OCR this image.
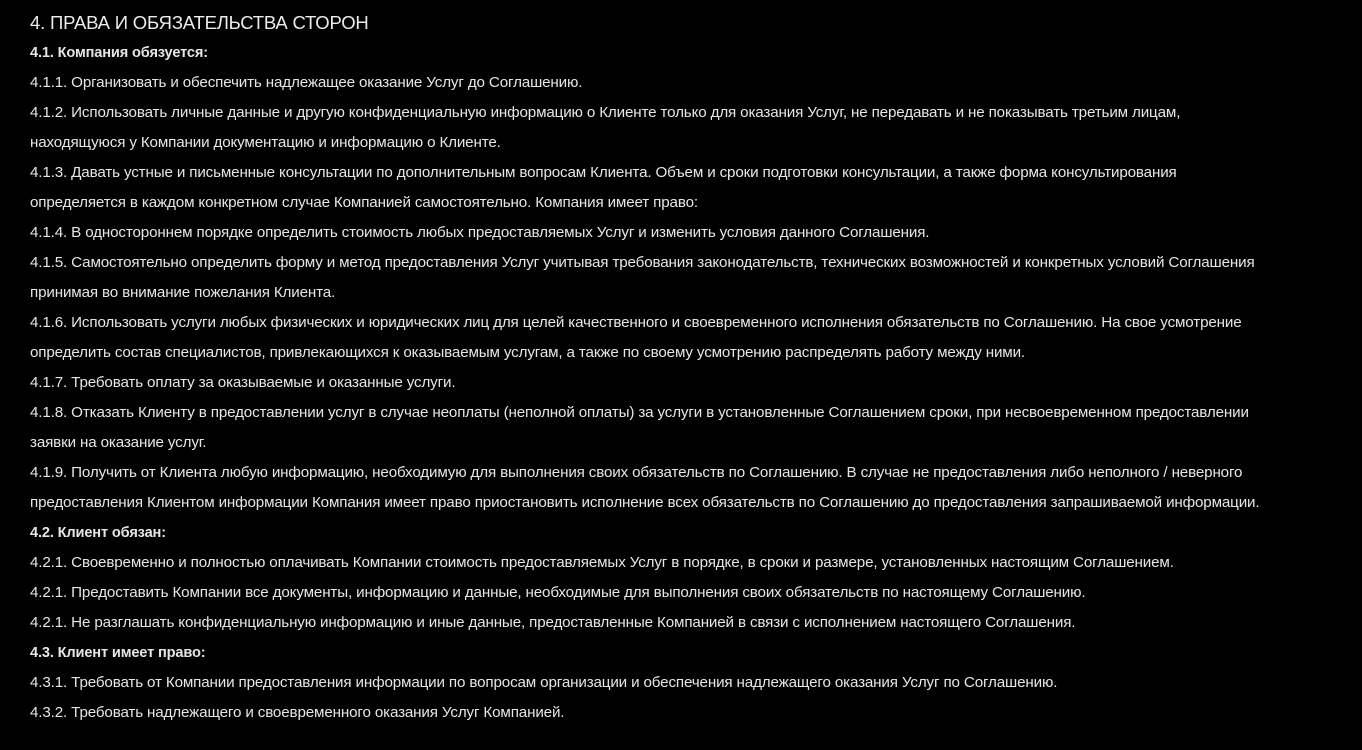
4. ПРАВА И ОБЯЗАТЕЛЬСТВА СТОРОН
4.1. Компания обязуется:
4.1.1. Организовать и обеспечить надлежащее оказание Услуг до Соглашению.
4.1.2. Использовать личные данные и другую конфиденциальную информацию о Клиенте только для оказания Услуг, не передавать и не показывать третьим лицам,
находящуюся у Компании документацию и информацию о Клиенте.
4.1.3. Давать устные и письменные консультации по дополнительным вопросам Клиента. Объем и сроки подготовки консультации, а также форма консультирования
определяется в каждом конкретном случае Компанией самостоятельно. Компания имеет право:
4.1.4. В одностороннем порядке определить стоимость любых предоставляемых Услуг и изменить условия данного Соглашения.
4.1.5. Самостоятельно определить форму и метод предоставления Услуг учитывая требования законодательств, технических возможностей и конкретных условий Соглашения
принимая во внимание пожелания Клиента.
4.1.6. Использовать услуги любых физических и юридических лиц для целей качественного и своевременного исполнения обязательств по Соглашению. На свое усмотрение
определить состав специалистов, привлекающихся к оказываемым услугам, а также по своему усмотрению распределять работу между ними.
4.1.7. Требовать оплату за оказываемые и оказанные услуги.
4.1.8. Отказать Клиенту в предоставлении услуг в случае неоплаты (неполной оплаты) за услуги в установленные Соглашением сроки, при несвоевременном предоставлении
заявки на оказание услуг.
4.1.9. Получить от Клиента любую информацию, необходимую для выполнения своих обязательств по Соглашению. В случае не предоставления либо неполного / неверного
предоставления Клиентом информации Компания имеет право приостановить исполнение всех обязательств по Соглашению до предоставления запрашиваемой информации.
4.2. Клиент обязан:
4.2.1. Своевременно и полностью оплачивать Компании стоимость предоставляемых Услуг в порядке, в сроки и размере, установленных настоящим Соглашением.
4.2.1. Предоставить Компании все документы, информацию и данные, необходимые для выполнения своих обязательств по настоящему Соглашению.
4.2.1. Не разглашать конфиденциальную информацию и иные данные, предоставленные Компанией в связи с исполнением настоящего Соглашения.
4.3. Клиент имеет право:
4.3.1. Требовать от Компании предоставления информации по вопросам организации и обеспечения надлежащего оказания Услуг по Соглашению.
4.3.2. Требовать надлежащего и своевременного оказания Услуг Компанией.
